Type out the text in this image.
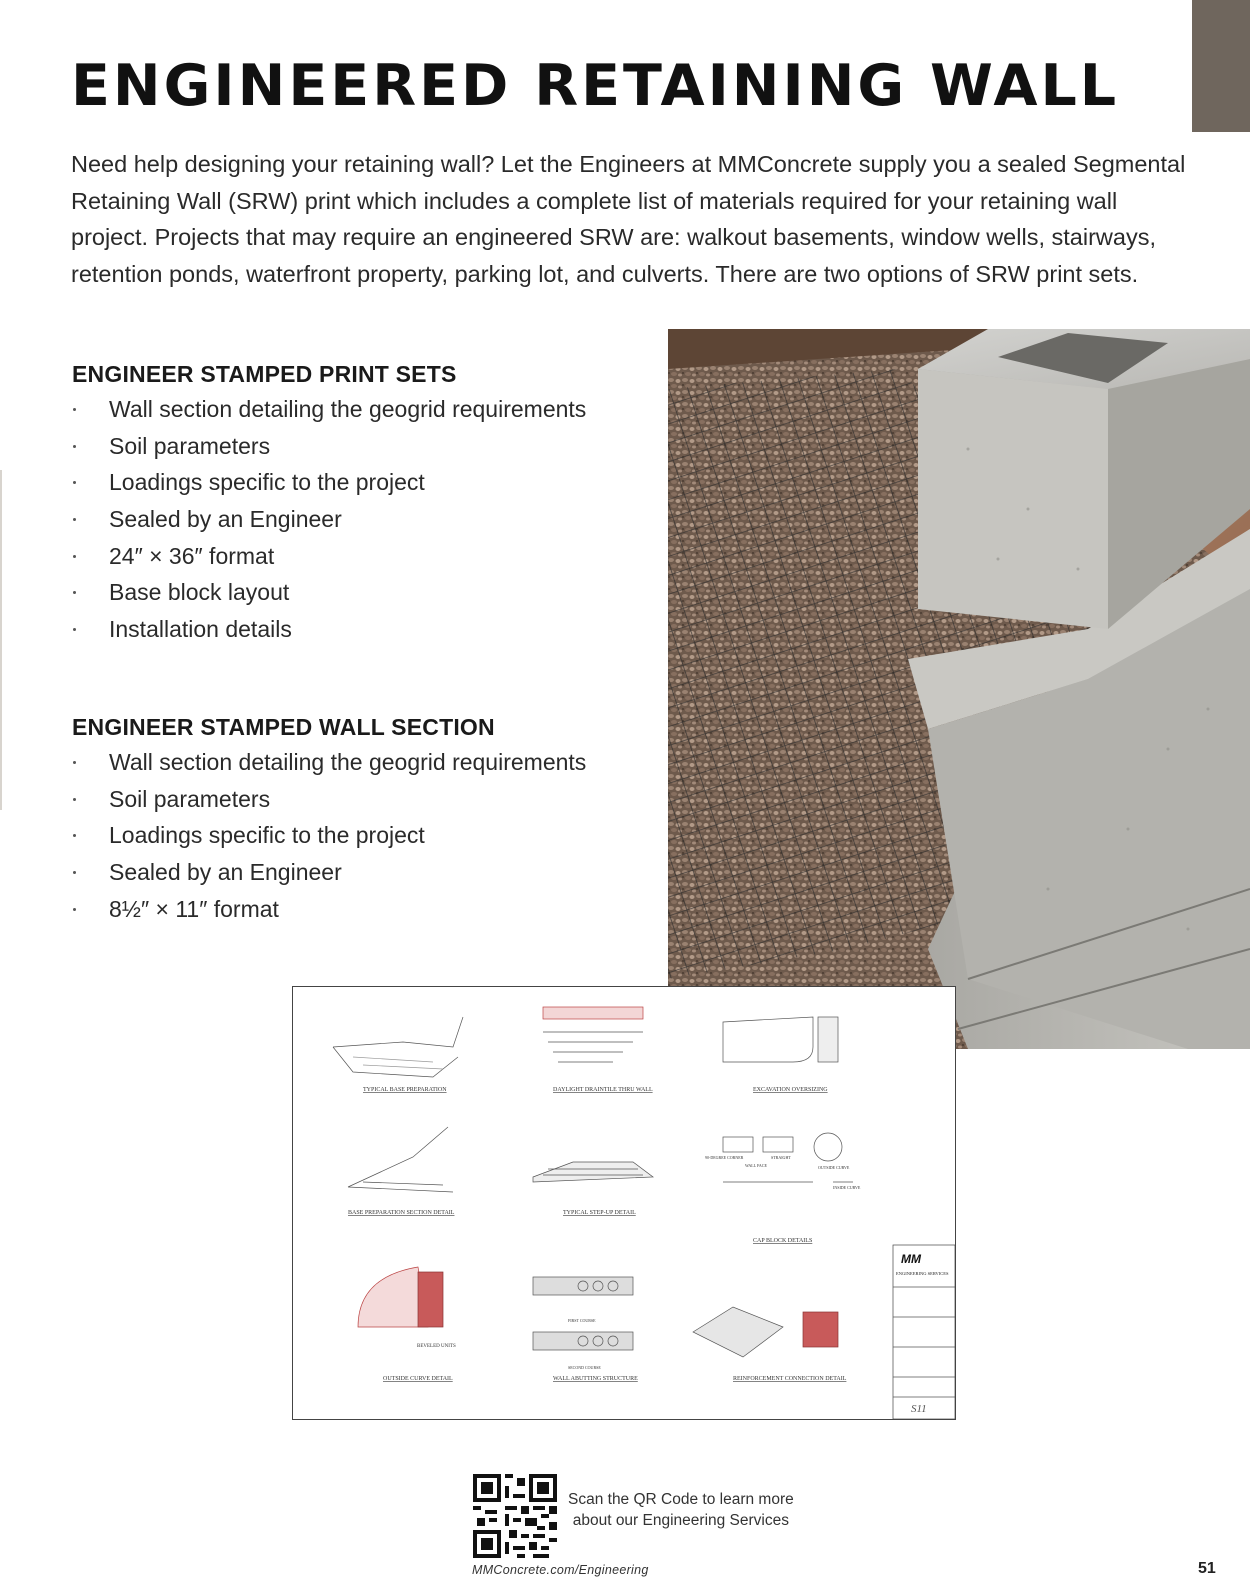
ENGINEERED RETAINING WALL

Need help designing your retaining wall? Let the Engineers at MMConcrete supply you a sealed Segmental Retaining Wall (SRW) print which includes a complete list of materials required for your retaining wall project. Projects that may require an engineered SRW are: walkout basements, window wells, stairways, retention ponds, waterfront property, parking lot, and culverts. There are two options of SRW print sets.

ENGINEER STAMPED PRINT SETS
Wall section detailing the geogrid requirements
Soil parameters
Loadings specific to the project
Sealed by an Engineer
24″ × 36″ format
Base block layout
Installation details
ENGINEER STAMPED WALL SECTION
Wall section detailing the geogrid requirements
Soil parameters
Loadings specific to the project
Sealed by an Engineer
8½″ × 11″ format
TYPICAL BASE PREPARATION	DAYLIGHT DRAINTILE THRU WALL	EXCAVATION OVERSIZING
BASE PREPARATION SECTION DETAIL	TYPICAL STEP-UP DETAIL
CAP BLOCK DETAILS
OUTSIDE CURVE DETAIL	WALL ABUTTING STRUCTURE	REINFORCEMENT CONNECTION DETAIL
BEVELED UNITS
FIRST COURSE
SECOND COURSE
WALL FACE
STRAIGHT
OUTSIDE CURVE
INSIDE CURVE
90-DEGREE CORNER
MM
ENGINEERING SERVICES
S11
Scan the QR Code to learn more
about our Engineering Services
MMConcrete.com/Engineering	51
